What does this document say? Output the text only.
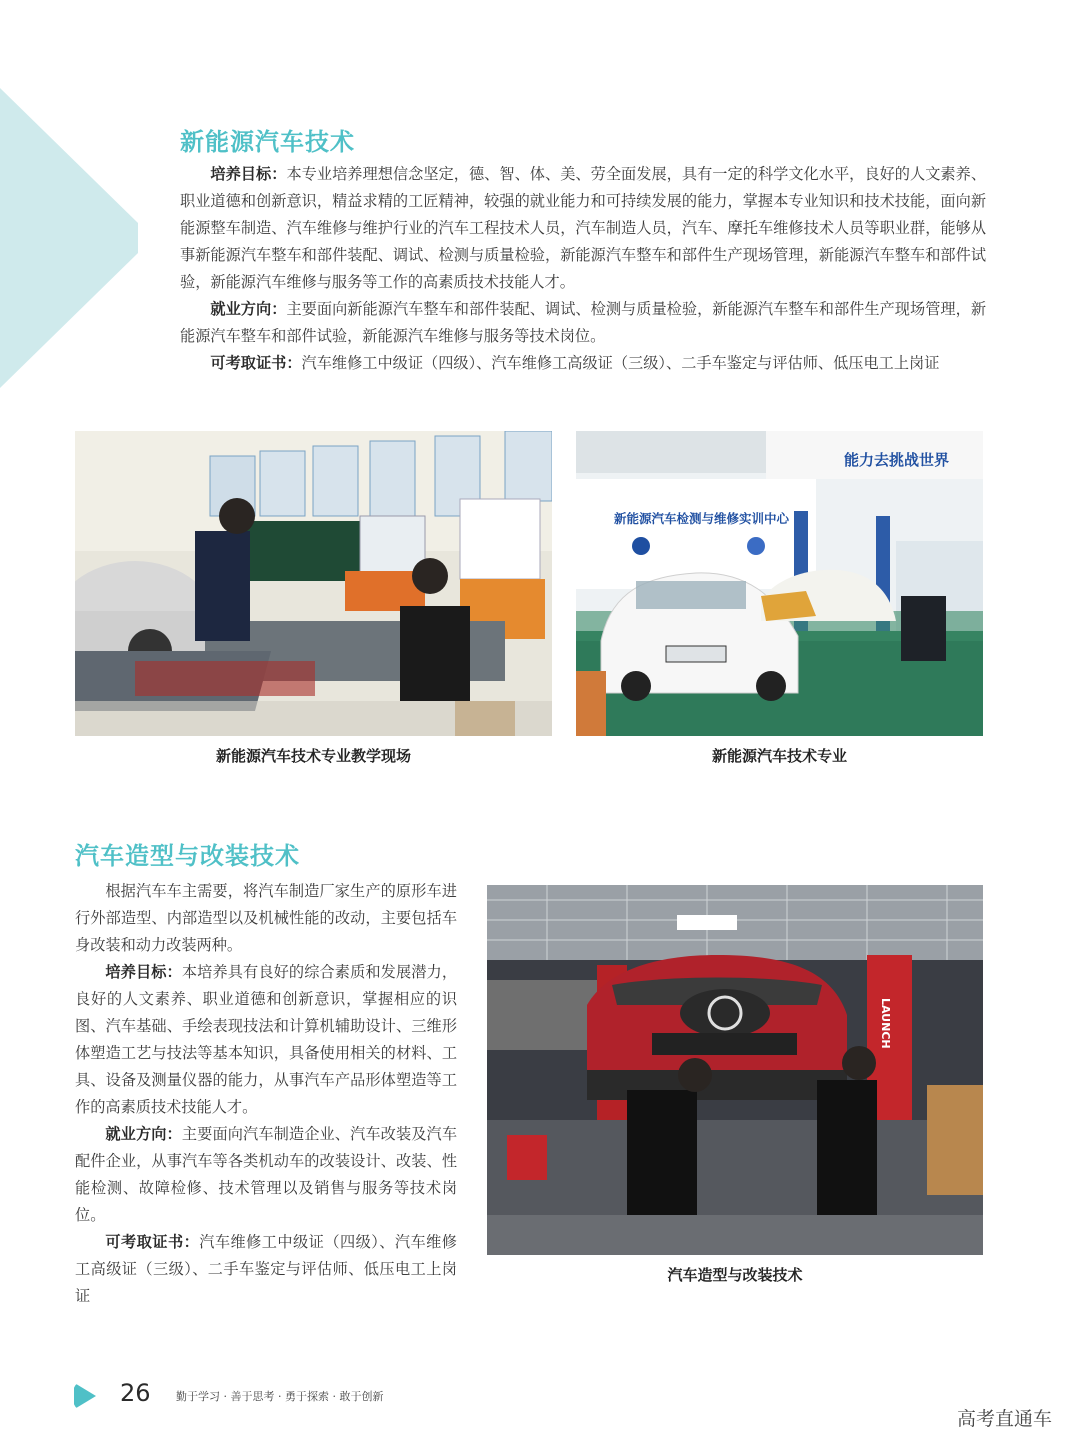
新能源汽车技术

培养目标：本专业培养理想信念坚定，德、智、体、美、劳全面发展，具有一定的科学文化水平，良好的人文素养、职业道德和创新意识，精益求精的工匠精神，较强的就业能力和可持续发展的能力，掌握本专业知识和技术技能，面向新能源整车制造、汽车维修与维护行业的汽车工程技术人员，汽车制造人员，汽车、摩托车维修技术人员等职业群，能够从事新能源汽车整车和部件装配、调试、检测与质量检验，新能源汽车整车和部件生产现场管理，新能源汽车整车和部件试验，新能源汽车维修与服务等工作的高素质技术技能人才。

就业方向：主要面向新能源汽车整车和部件装配、调试、检测与质量检验，新能源汽车整车和部件生产现场管理，新能源汽车整车和部件试验，新能源汽车维修与服务等技术岗位。

可考取证书：汽车维修工中级证（四级）、汽车维修工高级证（三级）、二手车鉴定与评估师、低压电工上岗证

新能源汽车技术专业教学现场

能力去挑战世界
新能源汽车检测与维修实训中心

新能源汽车技术专业

汽车造型与改装技术

根据汽车车主需要，将汽车制造厂家生产的原形车进行外部造型、内部造型以及机械性能的改动，主要包括车身改装和动力改装两种。

培养目标：本培养具有良好的综合素质和发展潜力，良好的人文素养、职业道德和创新意识，掌握相应的识图、汽车基础、手绘表现技法和计算机辅助设计、三维形体塑造工艺与技法等基本知识，具备使用相关的材料、工具、设备及测量仪器的能力，从事汽车产品形体塑造等工作的高素质技术技能人才。

就业方向：主要面向汽车制造企业、汽车改装及汽车配件企业，从事汽车等各类机动车的改装设计、改装、性能检测、故障检修、技术管理以及销售与服务等技术岗位。

可考取证书：汽车维修工中级证（四级）、汽车维修工高级证（三级）、二手车鉴定与评估师、低压电工上岗证

LAUNCH

汽车造型与改装技术

26 勤于学习 · 善于思考 · 勇于探索 · 敢于创新
高考直通车
